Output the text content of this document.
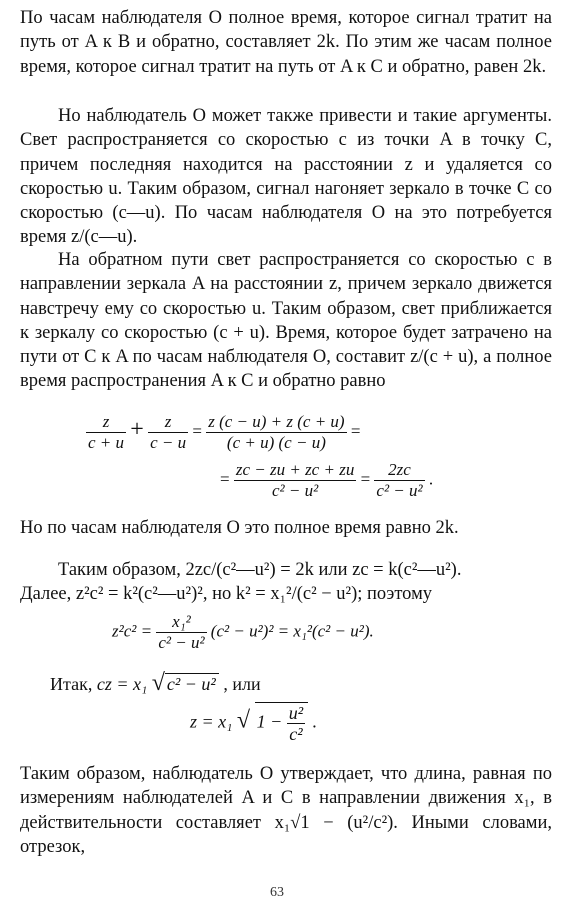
По часам наблюдателя O полное время, которое сигнал тратит на путь от A к B и обратно, составляет 2k. По этим же часам полное время, которое сигнал тратит на путь от A к C и обратно, равен 2k.

Но наблюдатель O может также привести и такие аргументы. Свет распространяется со скоростью c из точки A в точку C, причем последняя находится на расстоянии z и удаляется со скоростью u. Таким образом, сигнал нагоняет зеркало в точке C со скоростью (c—u). По часам наблюдателя O на это потребуется время z/(c—u).

На обратном пути свет распространяется со скоростью c в направлении зеркала A на расстоянии z, причем зеркало движется навстречу ему со скоростью u. Таким образом, свет приближается к зеркалу со скоростью (c + u). Время, которое будет затрачено на пути от C к A по часам наблюдателя O, составит z/(c + u), а полное время распространения A к C и обратно равно

$\frac{z}{c + u} + \frac{z}{c - u} = \frac{z (c - u) + z (c + u)}{(c + u) (c - u)}$ =
= $\frac{zc - zu + zc + zu}{\text{c² − u²}} = \frac{2zc}{\text{c² − u²}}$ .

Но по часам наблюдателя O это полное время равно 2k.

Таким образом, 2zc/(c²—u²) = 2k или zc = k(c²—u²).

Далее, z²c² = k²(c²—u²)², но k² = x₁²/(c² − u²); поэтому

$z^2c^2 = \frac{\text{x₁²}}{\text{c² − u²}} (c^2 - u^2)^2 = x_1^2(c^2 - u^2)$.
Итак, cz = x₁ √ c² − u² , или
z = x₁ √ $1 - \frac{\text{u²}}{\text{c²}}$ .

Таким образом, наблюдатель O утверждает, что длина, равная по измерениям наблюдателей A и C в направлении движения x₁, в действительности составляет x₁√1 − (u²/c²). Иными словами, отрезок,

63
